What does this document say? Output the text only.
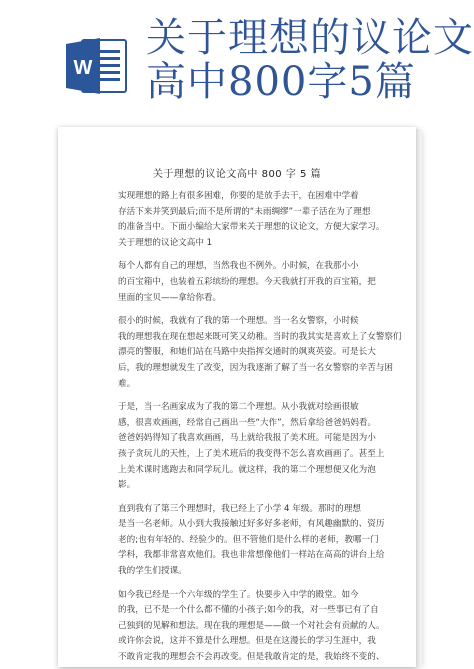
W
关于理想的议论文
高中800字5篇
关于理想的议论文高中 800 字 5 篇
实现理想的路上有很多困难，你要的是放手去干，在困难中学着
存活下来并笑到最后;而不是所谓的“未雨绸缪”一辈子活在为了理想
的准备当中。下面小编给大家带来关于理想的议论文，方便大家学习。
关于理想的议论文高中 1
每个人都有自己的理想，当然我也不例外。小时候，在我那小小
的百宝箱中，也装着五彩缤纷的理想。今天我就打开我的百宝箱，把
里面的宝贝——拿给你看。
很小的时候，我就有了我的第一个理想。当一名女警察，小时候
我的理想我在现在想起来既可笑又幼稚。当时的我其实是喜欢上了女警察们
漂亮的警服，和她们站在马路中央指挥交通时的飒爽英姿。可是长大
后，我的理想就发生了改变，因为我逐渐了解了当一名女警察的辛苦与困
难。
于是，当一名画家成为了我的第二个理想。从小我就对绘画很敏
感，很喜欢画画，经常自己画出一些“大作”，然后拿给爸爸妈妈看。
爸爸妈妈得知了我喜欢画画，马上就给我报了美术班。可能是因为小
孩子贪玩儿的天性，上了美术班后的我变得不怎么喜欢画画了。甚至上
上美术课时逃跑去和同学玩儿。就这样，我的第二个理想便又化为泡
影。
直到我有了第三个理想时，我已经上了小学 4 年级。那时的理想
是当一名老师。从小到大我接触过好多好多老师，有风趣幽默的、资历
老的;也有年轻的、经验少的。但不管他们是什么样的老师，教哪一门
学科，我都非常喜欢他们。我也非常想像他们一样站在高高的讲台上给
我的学生们授课。
如今我已经是一个六年级的学生了。快要步入中学的殿堂。如今
的我，已不是一个什么都不懂的小孩子;如今的我，对一些事已有了自
己独到的见解和想法。现在我的理想是——做一个对社会有贡献的人。
或许你会说，这并不算是什么理想。但是在这漫长的学习生涯中，我
不敢肯定我的理想会不会再改变。但是我敢肯定的是，我始终不变的、
